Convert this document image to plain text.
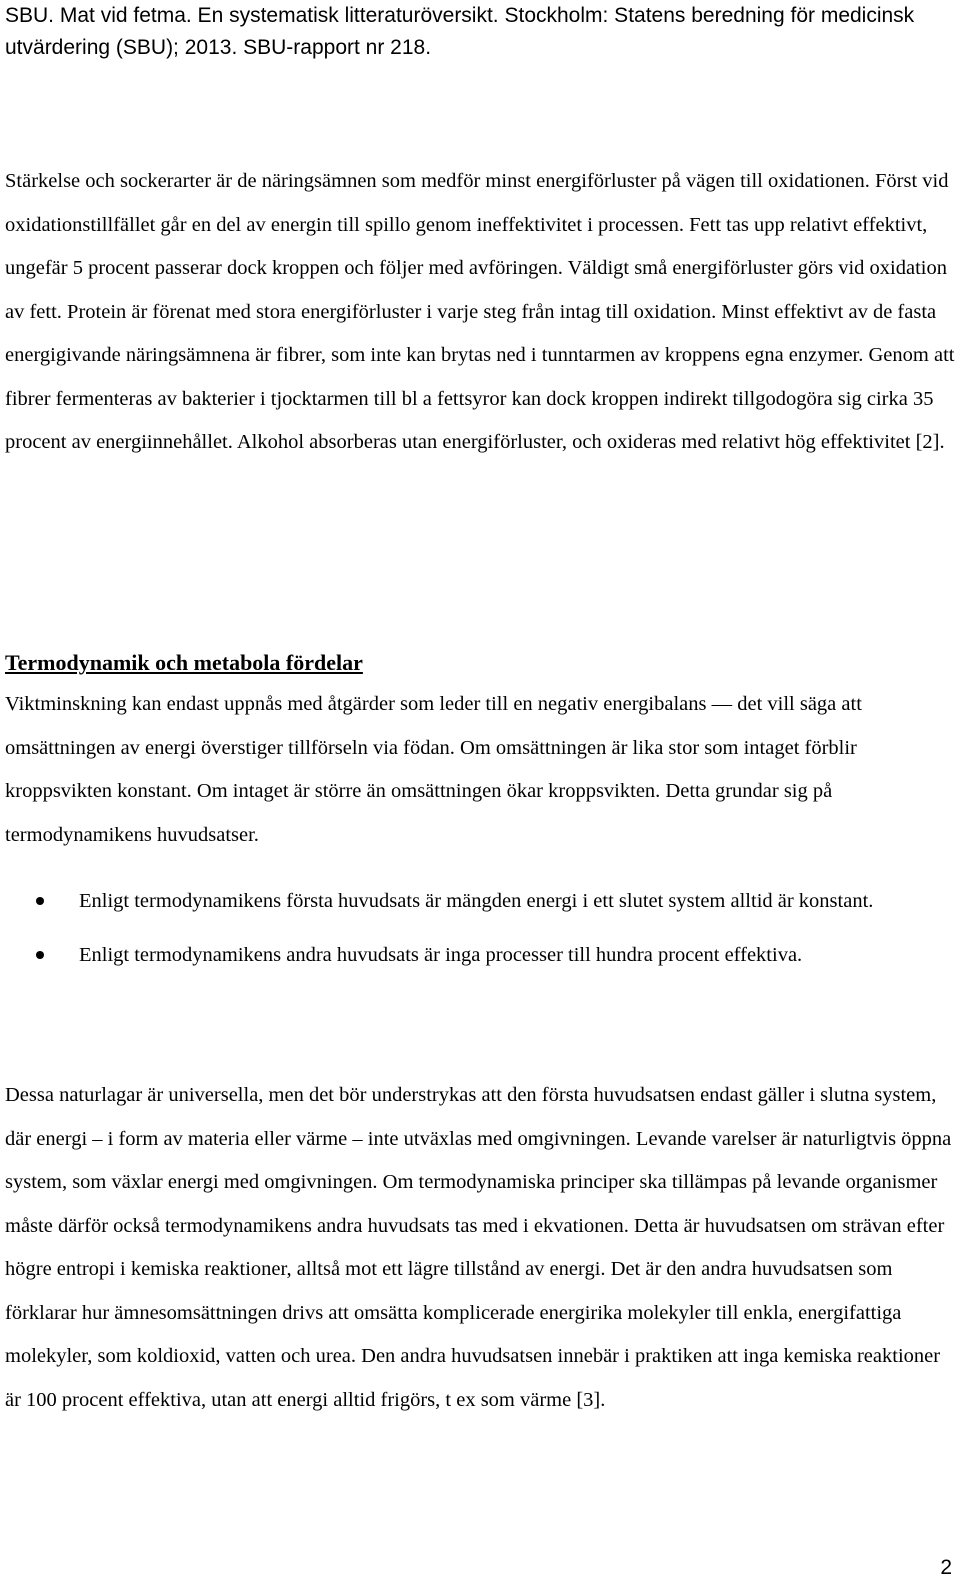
SBU. Mat vid fetma. En systematisk litteraturöversikt. Stockholm: Statens beredning för medicinsk utvärdering (SBU); 2013. SBU-rapport nr 218.

Stärkelse och sockerarter är de näringsämnen som medför minst energiförluster på vägen till oxidationen. Först vid oxidationstillfället går en del av energin till spillo genom ineffektivitet i processen. Fett tas upp relativt effektivt, ungefär 5 procent passerar dock kroppen och följer med avföringen. Väldigt små energiförluster görs vid oxidation av fett. Protein är förenat med stora energiförluster i varje steg från intag till oxidation. Minst effektivt av de fasta energigivande näringsämnena är fibrer, som inte kan brytas ned i tunntarmen av kroppens egna enzymer. Genom att fibrer fermenteras av bakterier i tjocktarmen till bl a fettsyror kan dock kroppen indirekt tillgodogöra sig cirka 35 procent av energiinnehållet. Alkohol absorberas utan energiförluster, och oxideras med relativt hög effektivitet [2].

Termodynamik och metabola fördelar

Viktminskning kan endast uppnås med åtgärder som leder till en negativ energibalans — det vill säga att omsättningen av energi överstiger tillförseln via födan. Om omsättningen är lika stor som intaget förblir kroppsvikten konstant. Om intaget är större än omsättningen ökar kroppsvikten. Detta grundar sig på termodynamikens huvudsatser.

Enligt termodynamikens första huvudsats är mängden energi i ett slutet system alltid är konstant.
Enligt termodynamikens andra huvudsats är inga processer till hundra procent effektiva.

Dessa naturlagar är universella, men det bör understrykas att den första huvudsatsen endast gäller i slutna system, där energi – i form av materia eller värme – inte utväxlas med omgivningen. Levande varelser är naturligtvis öppna system, som växlar energi med omgivningen. Om termodynamiska principer ska tillämpas på levande organismer måste därför också termodynamikens andra huvudsats tas med i ekvationen. Detta är huvudsatsen om strävan efter högre entropi i kemiska reaktioner, alltså mot ett lägre tillstånd av energi. Det är den andra huvudsatsen som förklarar hur ämnesomsättningen drivs att omsätta komplicerade energirika molekyler till enkla, energifattiga molekyler, som koldioxid, vatten och urea. Den andra huvudsatsen innebär i praktiken att inga kemiska reaktioner är 100 procent effektiva, utan att energi alltid frigörs, t ex som värme [3].

2
